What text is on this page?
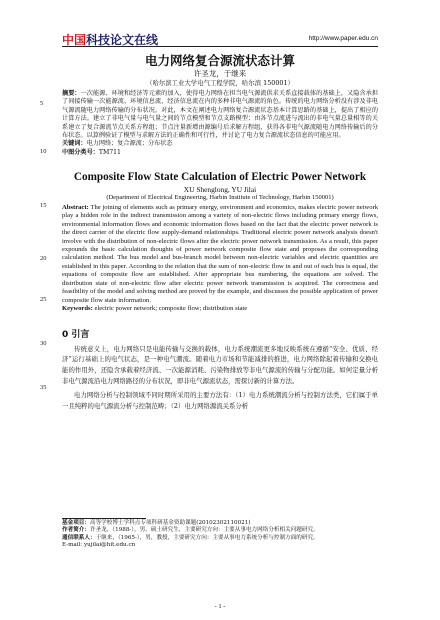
中国科技论文在线	http://www.paper.edu.cn
5
10
15
20
25
30
35
电力网络复合源流状态计算
许圣龙，于继来
（哈尔滨工业大学电气工程学院，哈尔滨 150001）
摘要：一次能源、环境和经济等元素的加入，使得电力网络在担当电气源流供求关系直接载体的基础上，又隐含承担了间接传输一次能源流、环境信息流、经济信息流在内的多种非电气源流的角色。传统的电力网络分析没有涉及非电气源流随电力网络传输的分布状况。对此，本文在阐述电力网络复合源流状态基本计算思路的基础上，提出了相应的计算方法。建立了非电气量与电气量之间的节点模型和节点支路模型；由各节点流进与流出的非电气量总量相等的关系建立了复合源流节点关系方程组；节点注量新增由源编号后求解方程组，获得各非电气源流随电力网络传输后的分布状态。以算例验证了模型与求解方法的正确性和可行性，并讨论了电力复合源流状态信息的可能应用。
关键词：电力网络；复合源流；分布状态
中图分类号：TM711
Composite Flow State Calculation of Electric Power Network
XU Shenglong, YU Jilai
(Department of Electrical Engineering, Harbin Institute of Technology, Harbin 150001)
Abstract: The joining of elements such as primary energy, environment and economics, makes electric power network play a hidden role in the indirect transmission among a variety of non-electric flows including primary energy flows, environmental information flows and economic information flows based on the fact that the electric power network is the direct carrier of the electric flow supply-demand relationships. Traditional electric power network analysis doesn't involve with the distribution of non-electric flows after the electric power network transmission. As a result, this paper expounds the basic calculation thoughts of power network composite flow state and proposes the corresponding calculation method. The bus model and bus-branch model between non-electric variables and electric quantities are established in this paper. According to the relation that the sum of non-electric flow in and out of each bus is equal, the equations of composite flow are established. After appropriate bus numbering, the equations are solved. The distribution state of non-electric flow after electric power network transmission is acquired. The correctness and feasibility of the model and solving method are proved by the example, and discusses the possible application of power composite flow state information.
Keywords: electric power network; composite flow; distribution state
0 引言
传统意义上，电力网络只是电能传输与交换的载体，电力系统潮流更多地反映系统在遵循“安全、优质、经济”运行基础上的电气状态，是一种电气潮流。随着电力市场和节能减排的推进，电力网络除起着传输和交换电能的作用外，还隐含承载着经济流、一次能源消耗、污染物排放等非电气源流的传输与分配功能。如何定量分析非电气源流沿电力网络路径的分布状况，即非电气源流状态，需探讨新的计算方法。
电力网络分析与控制领域不同时期所采用的主要方法有：（1）电力系统潮流分析与控制方法类，它们属于单一且纯粹的电气源流分析与控制范畴；（2）电力网络源流关系分析
基金项目：高等学校博士学科点专项科研基金资助课题(20102302110021)
作者简介：许圣龙，（1988-），男，硕士研究生，主要研究方向：主要从事电力网络分析相关问题研究。
通信联系人：于继来，（1965-），男，教授，主要研究方向：主要从事电力系统分析与控制方面的研究。
E-mail: yujilai@hit.edu.cn
- 1 -
